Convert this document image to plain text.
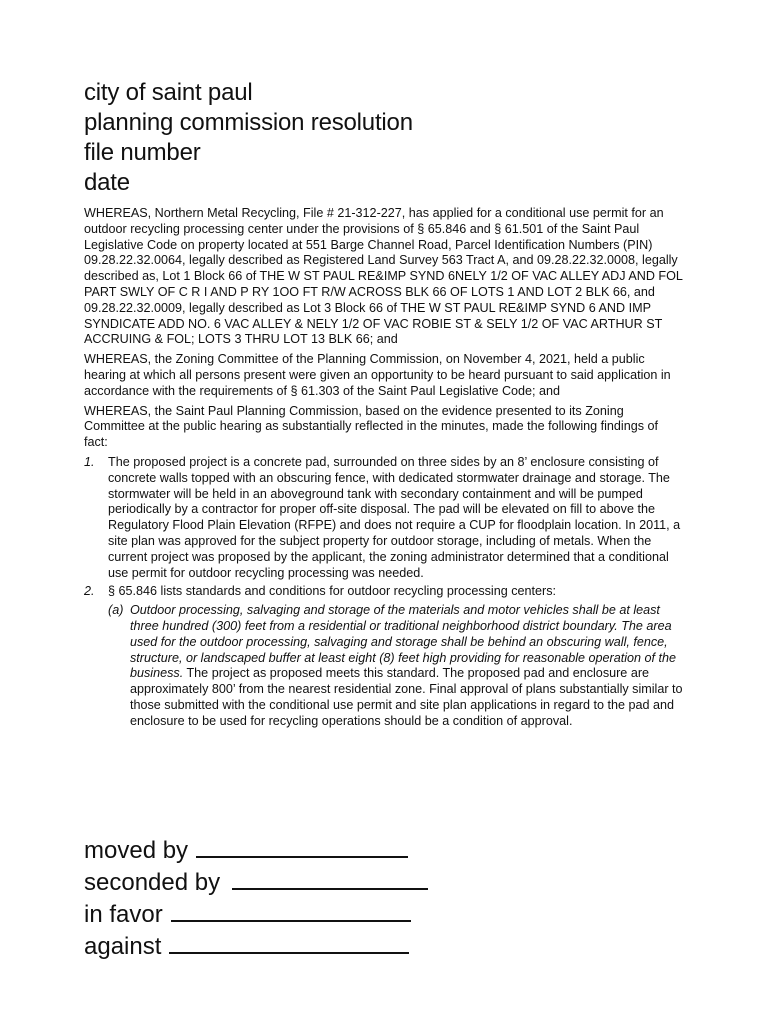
city of saint paul

planning commission resolution

file number

date

WHEREAS, Northern Metal Recycling, File # 21-312-227, has applied for a conditional use permit for an outdoor recycling processing center under the provisions of § 65.846 and § 61.501 of the Saint Paul Legislative Code on property located at 551 Barge Channel Road, Parcel Identification Numbers (PIN) 09.28.22.32.0064, legally described as Registered Land Survey 563 Tract A, and 09.28.22.32.0008, legally described as, Lot 1 Block 66 of THE W ST PAUL RE&IMP SYND 6NELY 1/2 OF VAC ALLEY ADJ AND FOL PART SWLY OF C R I AND P RY 1OO FT R/W ACROSS BLK 66 OF LOTS 1 AND LOT 2 BLK 66, and 09.28.22.32.0009, legally described as Lot 3 Block 66 of THE W ST PAUL RE&IMP SYND 6 AND IMP SYNDICATE ADD NO. 6 VAC ALLEY & NELY 1/2 OF VAC ROBIE ST & SELY 1/2 OF VAC ARTHUR ST ACCRUING & FOL; LOTS 3 THRU LOT 13 BLK 66; and

WHEREAS, the Zoning Committee of the Planning Commission, on November 4, 2021, held a public hearing at which all persons present were given an opportunity to be heard pursuant to said application in accordance with the requirements of § 61.303 of the Saint Paul Legislative Code; and

WHEREAS, the Saint Paul Planning Commission, based on the evidence presented to its Zoning Committee at the public hearing as substantially reflected in the minutes, made the following findings of fact:

1. The proposed project is a concrete pad, surrounded on three sides by an 8’ enclosure consisting of concrete walls topped with an obscuring fence, with dedicated stormwater drainage and storage. The stormwater will be held in an aboveground tank with secondary containment and will be pumped periodically by a contractor for proper off-site disposal. The pad will be elevated on fill to above the Regulatory Flood Plain Elevation (RFPE) and does not require a CUP for floodplain location. In 2011, a site plan was approved for the subject property for outdoor storage, including of metals. When the current project was proposed by the applicant, the zoning administrator determined that a conditional use permit for outdoor recycling processing was needed.
2. § 65.846 lists standards and conditions for outdoor recycling processing centers:
(a) Outdoor processing, salvaging and storage of the materials and motor vehicles shall be at least three hundred (300) feet from a residential or traditional neighborhood district boundary. The area used for the outdoor processing, salvaging and storage shall be behind an obscuring wall, fence, structure, or landscaped buffer at least eight (8) feet high providing for reasonable operation of the business. The project as proposed meets this standard. The proposed pad and enclosure are approximately 800’ from the nearest residential zone. Final approval of plans substantially similar to those submitted with the conditional use permit and site plan applications in regard to the pad and enclosure to be used for recycling operations should be a condition of approval.
moved by
seconded by
in favor
against
